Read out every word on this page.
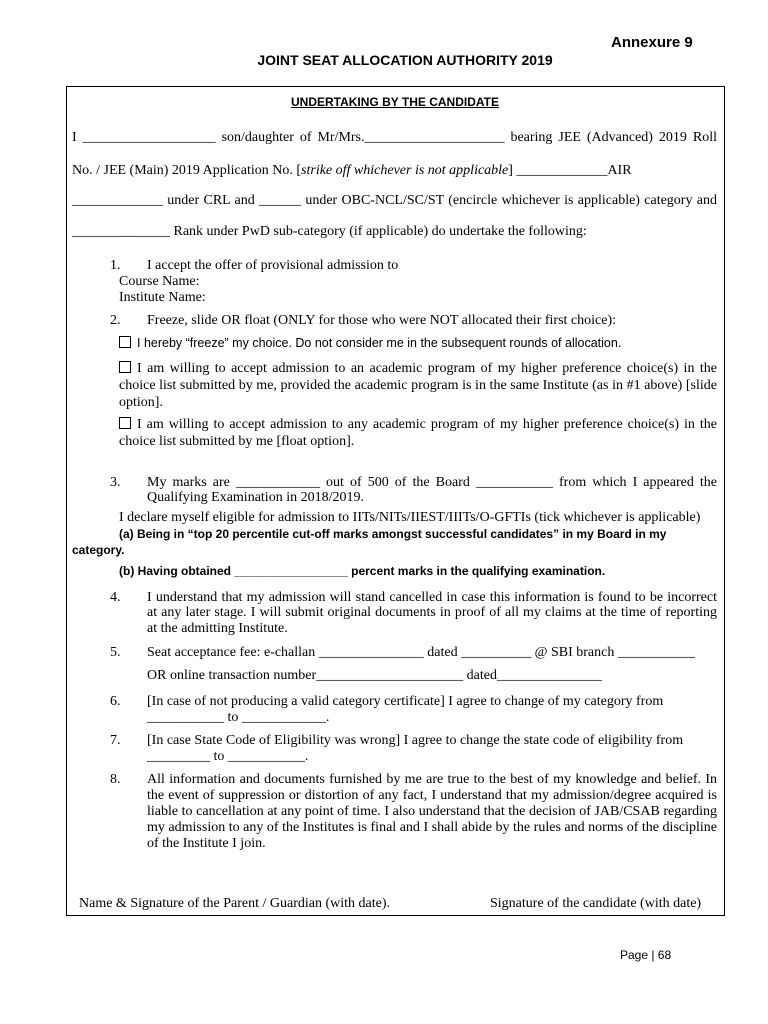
Annexure 9
JOINT SEAT ALLOCATION AUTHORITY 2019
UNDERTAKING BY THE CANDIDATE
I ___________________ son/daughter of Mr/Mrs.____________________ bearing JEE (Advanced) 2019 Roll
No. / JEE (Main) 2019 Application No. [strike off whichever is not applicable] _____________AIR
_____________ under CRL and ______ under OBC-NCL/SC/ST (encircle whichever is applicable) category and
______________ Rank under PwD sub-category (if applicable) do undertake the following:
1. I accept the offer of provisional admission to
Course Name:
Institute Name:
2. Freeze, slide OR float (ONLY for those who were NOT allocated their first choice):
I hereby “freeze” my choice. Do not consider me in the subsequent rounds of allocation.
I am willing to accept admission to an academic program of my higher preference choice(s) in the
choice list submitted by me, provided the academic program is in the same Institute (as in #1 above) [slide
option].
I am willing to accept admission to any academic program of my higher preference choice(s) in the
choice list submitted by me [float option].
3. My marks are ____________ out of 500 of the Board ___________ from which I appeared the
Qualifying Examination in 2018/2019.
I declare myself eligible for admission to IITs/NITs/IIEST/IIITs/O-GFTIs (tick whichever is applicable)
(a) Being in “top 20 percentile cut-off marks amongst successful candidates” in my Board in my
category.
(b) Having obtained _________________ percent marks in the qualifying examination.
4. I understand that my admission will stand cancelled in case this information is found to be incorrect
at any later stage. I will submit original documents in proof of all my claims at the time of reporting
at the admitting Institute.
5. Seat acceptance fee: e-challan _______________ dated __________ @ SBI branch ___________
OR online transaction number_____________________ dated_______________
6. [In case of not producing a valid category certificate] I agree to change of my category from
___________ to ____________.
7. [In case State Code of Eligibility was wrong] I agree to change the state code of eligibility from
_________ to ___________.
8. All information and documents furnished by me are true to the best of my knowledge and belief. In
the event of suppression or distortion of any fact, I understand that my admission/degree acquired is
liable to cancellation at any point of time. I also understand that the decision of JAB/CSAB regarding
my admission to any of the Institutes is final and I shall abide by the rules and norms of the discipline
of the Institute I join.
Name & Signature of the Parent / Guardian (with date).	Signature of the candidate (with date)
Page | 68
